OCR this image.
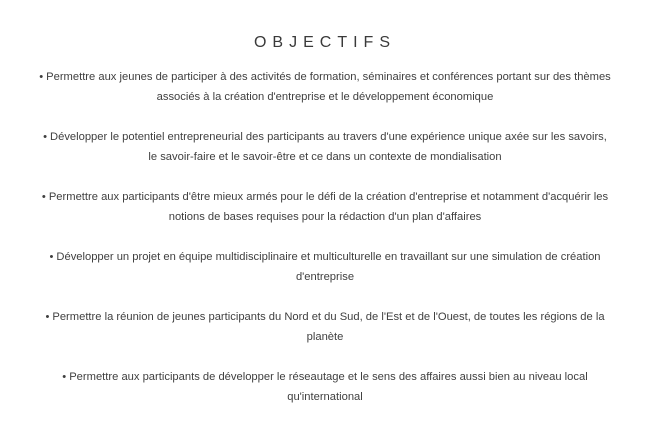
OBJECTIFS
• Permettre aux jeunes de participer à des activités de formation, séminaires et conférences portant sur des thèmes
associés à la création d'entreprise et le développement économique
• Développer le potentiel entrepreneurial des participants au travers d'une expérience unique axée sur les savoirs,
le savoir-faire et le savoir-être et ce dans un contexte de mondialisation
• Permettre aux participants d'être mieux armés pour le défi de la création d'entreprise et notamment d'acquérir les
notions de bases requises pour la rédaction d'un plan d'affaires
• Développer un projet en équipe multidisciplinaire et multiculturelle en travaillant sur une simulation de création
d'entreprise
• Permettre la réunion de jeunes participants du Nord et du Sud, de l'Est et de l'Ouest, de toutes les régions de la
planète
• Permettre aux participants de développer le réseautage et le sens des affaires aussi bien au niveau local
qu'international
